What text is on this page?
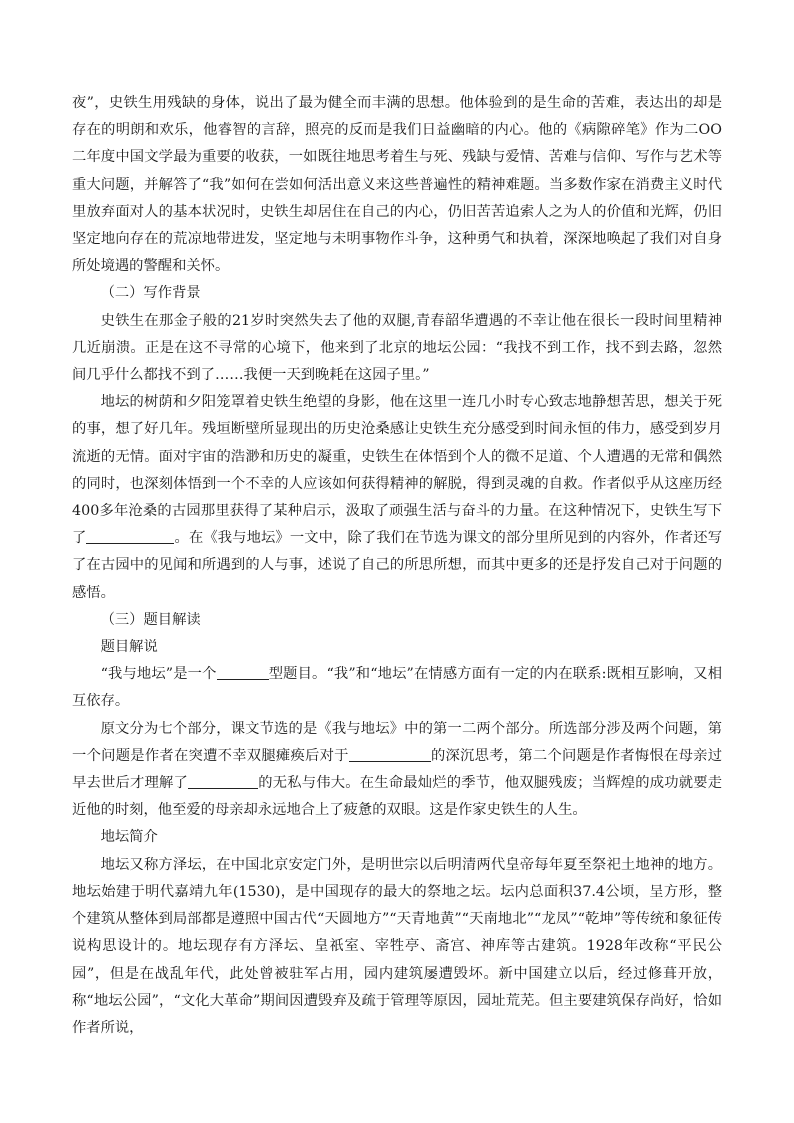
夜”，史铁生用残缺的身体，说出了最为健全而丰满的思想。他体验到的是生命的苦难，表达出的却是存在的明朗和欢乐，他睿智的言辞，照亮的反而是我们日益幽暗的内心。他的《病隙碎笔》作为二OO二年度中国文学最为重要的收获，一如既往地思考着生与死、残缺与爱情、苦难与信仰、写作与艺术等重大问题，并解答了“我”如何在尝如何活出意义来这些普遍性的精神难题。当多数作家在消费主义时代里放弃面对人的基本状况时，史铁生却居住在自己的内心，仍旧苦苦追索人之为人的价值和光辉，仍旧坚定地向存在的荒凉地带进发，坚定地与未明事物作斗争，这种勇气和执着，深深地唤起了我们对自身所处境遇的警醒和关怀。

（二）写作背景

史铁生在那金子般的21岁时突然失去了他的双腿,青春韶华遭遇的不幸让他在很长一段时间里精神几近崩溃。正是在这不寻常的心境下，他来到了北京的地坛公园：“我找不到工作，找不到去路，忽然间几乎什么都找不到了……我便一天到晚耗在这园子里。”

地坛的树荫和夕阳笼罩着史铁生绝望的身影，他在这里一连几小时专心致志地静想苦思，想关于死的事，想了好几年。残垣断壁所显现出的历史沧桑感让史铁生充分感受到时间永恒的伟力，感受到岁月流逝的无情。面对宇宙的浩渺和历史的凝重，史铁生在体悟到个人的微不足道、个人遭遇的无常和偶然的同时，也深刻体悟到一个不幸的人应该如何获得精神的解脱，得到灵魂的自救。作者似乎从这座历经400多年沧桑的古园那里获得了某种启示，汲取了顽强生活与奋斗的力量。在这种情况下，史铁生写下了	。在《我与地坛》一文中，除了我们在节选为课文的部分里所见到的内容外，作者还写了在古园中的见闻和所遇到的人与事，述说了自己的所思所想，而其中更多的还是抒发自己对于问题的感悟。

（三）题目解读

题目解说

“我与地坛”是一个	型题目。“我”和“地坛”在情感方面有一定的内在联系:既相互影响，又相互依存。

原文分为七个部分，课文节选的是《我与地坛》中的第一二两个部分。所选部分涉及两个问题，第一个问题是作者在突遭不幸双腿瘫痪后对于	的深沉思考，第二个问题是作者悔恨在母亲过早去世后才理解了	的无私与伟大。在生命最灿烂的季节，他双腿残废；当辉煌的成功就要走近他的时刻，他至爱的母亲却永远地合上了疲惫的双眼。这是作家史铁生的人生。

地坛简介

地坛又称方泽坛，在中国北京安定门外，是明世宗以后明清两代皇帝每年夏至祭祀土地神的地方。地坛始建于明代嘉靖九年(1530)，是中国现存的最大的祭地之坛。坛内总面积37.4公顷，呈方形，整个建筑从整体到局部都是遵照中国古代“天圆地方”“天青地黄”“天南地北”“龙凤”“乾坤”等传统和象征传说构思设计的。地坛现存有方泽坛、皇祇室、宰牲亭、斋宫、神库等古建筑。1928年改称“平民公园”，但是在战乱年代，此处曾被驻军占用，园内建筑屡遭毁坏。新中国建立以后，经过修葺开放，称“地坛公园”，“文化大革命”期间因遭毁弃及疏于管理等原因，园址荒芜。但主要建筑保存尚好，恰如作者所说，
